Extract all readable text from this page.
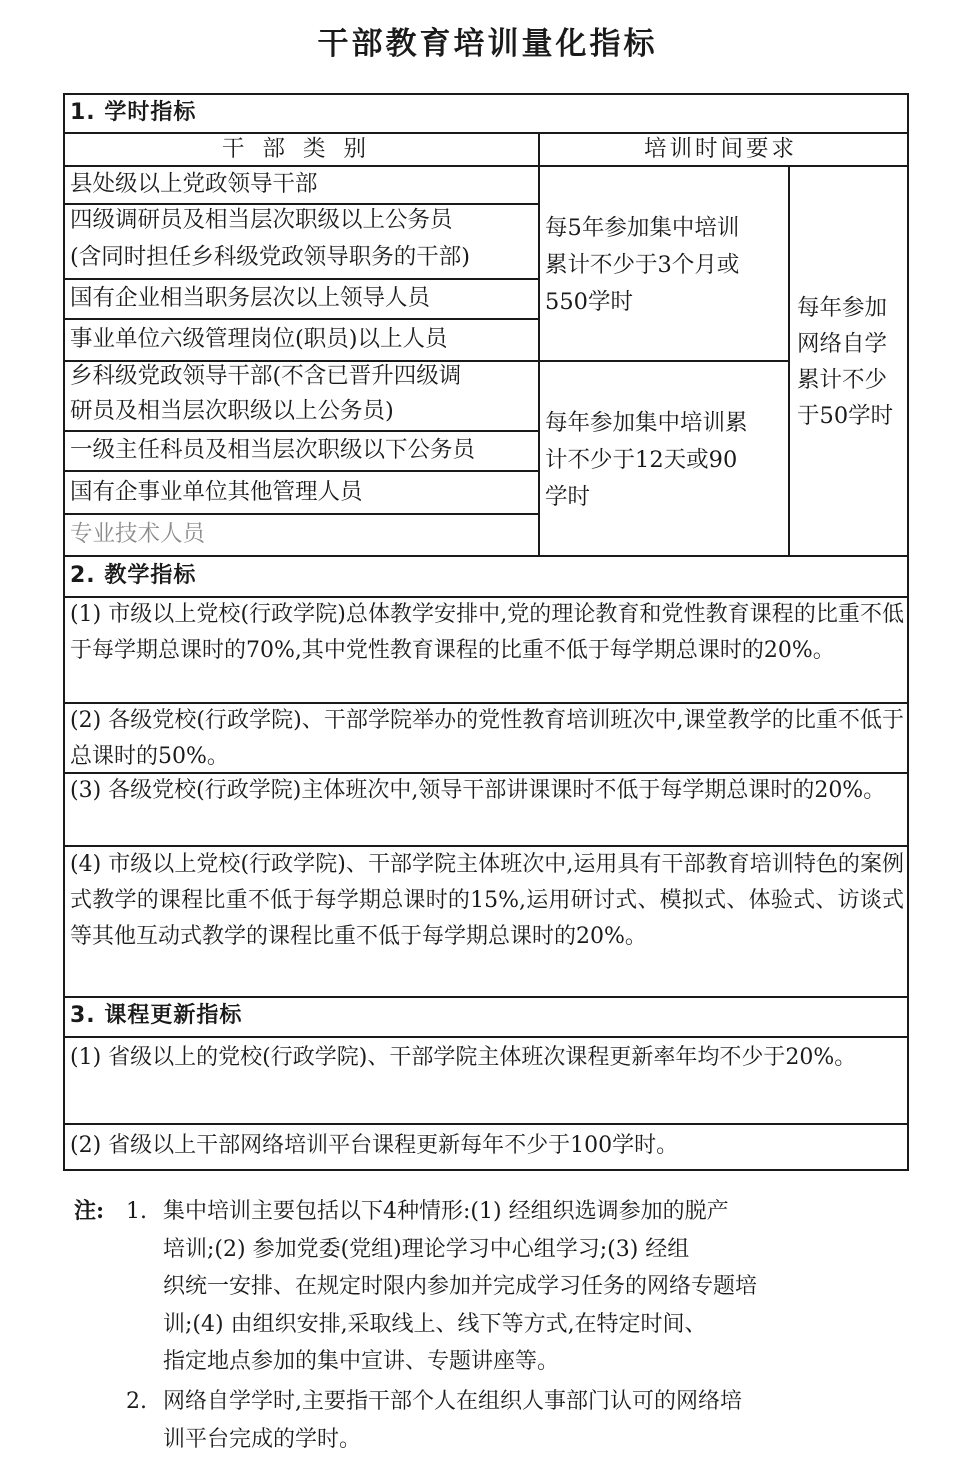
干部教育培训量化指标
1. 学时指标
干部类别	培训时间要求
县处级以上党政领导干部
四级调研员及相当层次职级以上公务员
(含同时担任乡科级党政领导职务的干部)
国有企业相当职务层次以上领导人员
事业单位六级管理岗位(职员)以上人员
乡科级党政领导干部(不含已晋升四级调
研员及相当层次职级以上公务员)
一级主任科员及相当层次职级以下公务员
国有企事业单位其他管理人员
专业技术人员
每5年参加集中培训
累计不少于3个月或
550学时
每年参加集中培训累
计不少于12天或90
学时
每年参加
网络自学
累计不少
于50学时
2. 教学指标
(1) 市级以上党校(行政学院)总体教学安排中,党的理论教育和党性教育课程的比重不低于每学期总课时的70%,其中党性教育课程的比重不低于每学期总课时的20%。
(2) 各级党校(行政学院)、干部学院举办的党性教育培训班次中,课堂教学的比重不低于总课时的50%。
(3) 各级党校(行政学院)主体班次中,领导干部讲课课时不低于每学期总课时的20%。
(4) 市级以上党校(行政学院)、干部学院主体班次中,运用具有干部教育培训特色的案例式教学的课程比重不低于每学期总课时的15%,运用研讨式、模拟式、体验式、访谈式等其他互动式教学的课程比重不低于每学期总课时的20%。
3. 课程更新指标
(1) 省级以上的党校(行政学院)、干部学院主体班次课程更新率年均不少于20%。
(2) 省级以上干部网络培训平台课程更新每年不少于100学时。
注: 1. 集中培训主要包括以下4种情形:(1) 经组织选调参加的脱产

培训;(2) 参加党委(党组)理论学习中心组学习;(3) 经组

织统一安排、在规定时限内参加并完成学习任务的网络专题培

训;(4) 由组织安排,采取线上、线下等方式,在特定时间、

指定地点参加的集中宣讲、专题讲座等。

2. 网络自学学时,主要指干部个人在组织人事部门认可的网络培

训平台完成的学时。
